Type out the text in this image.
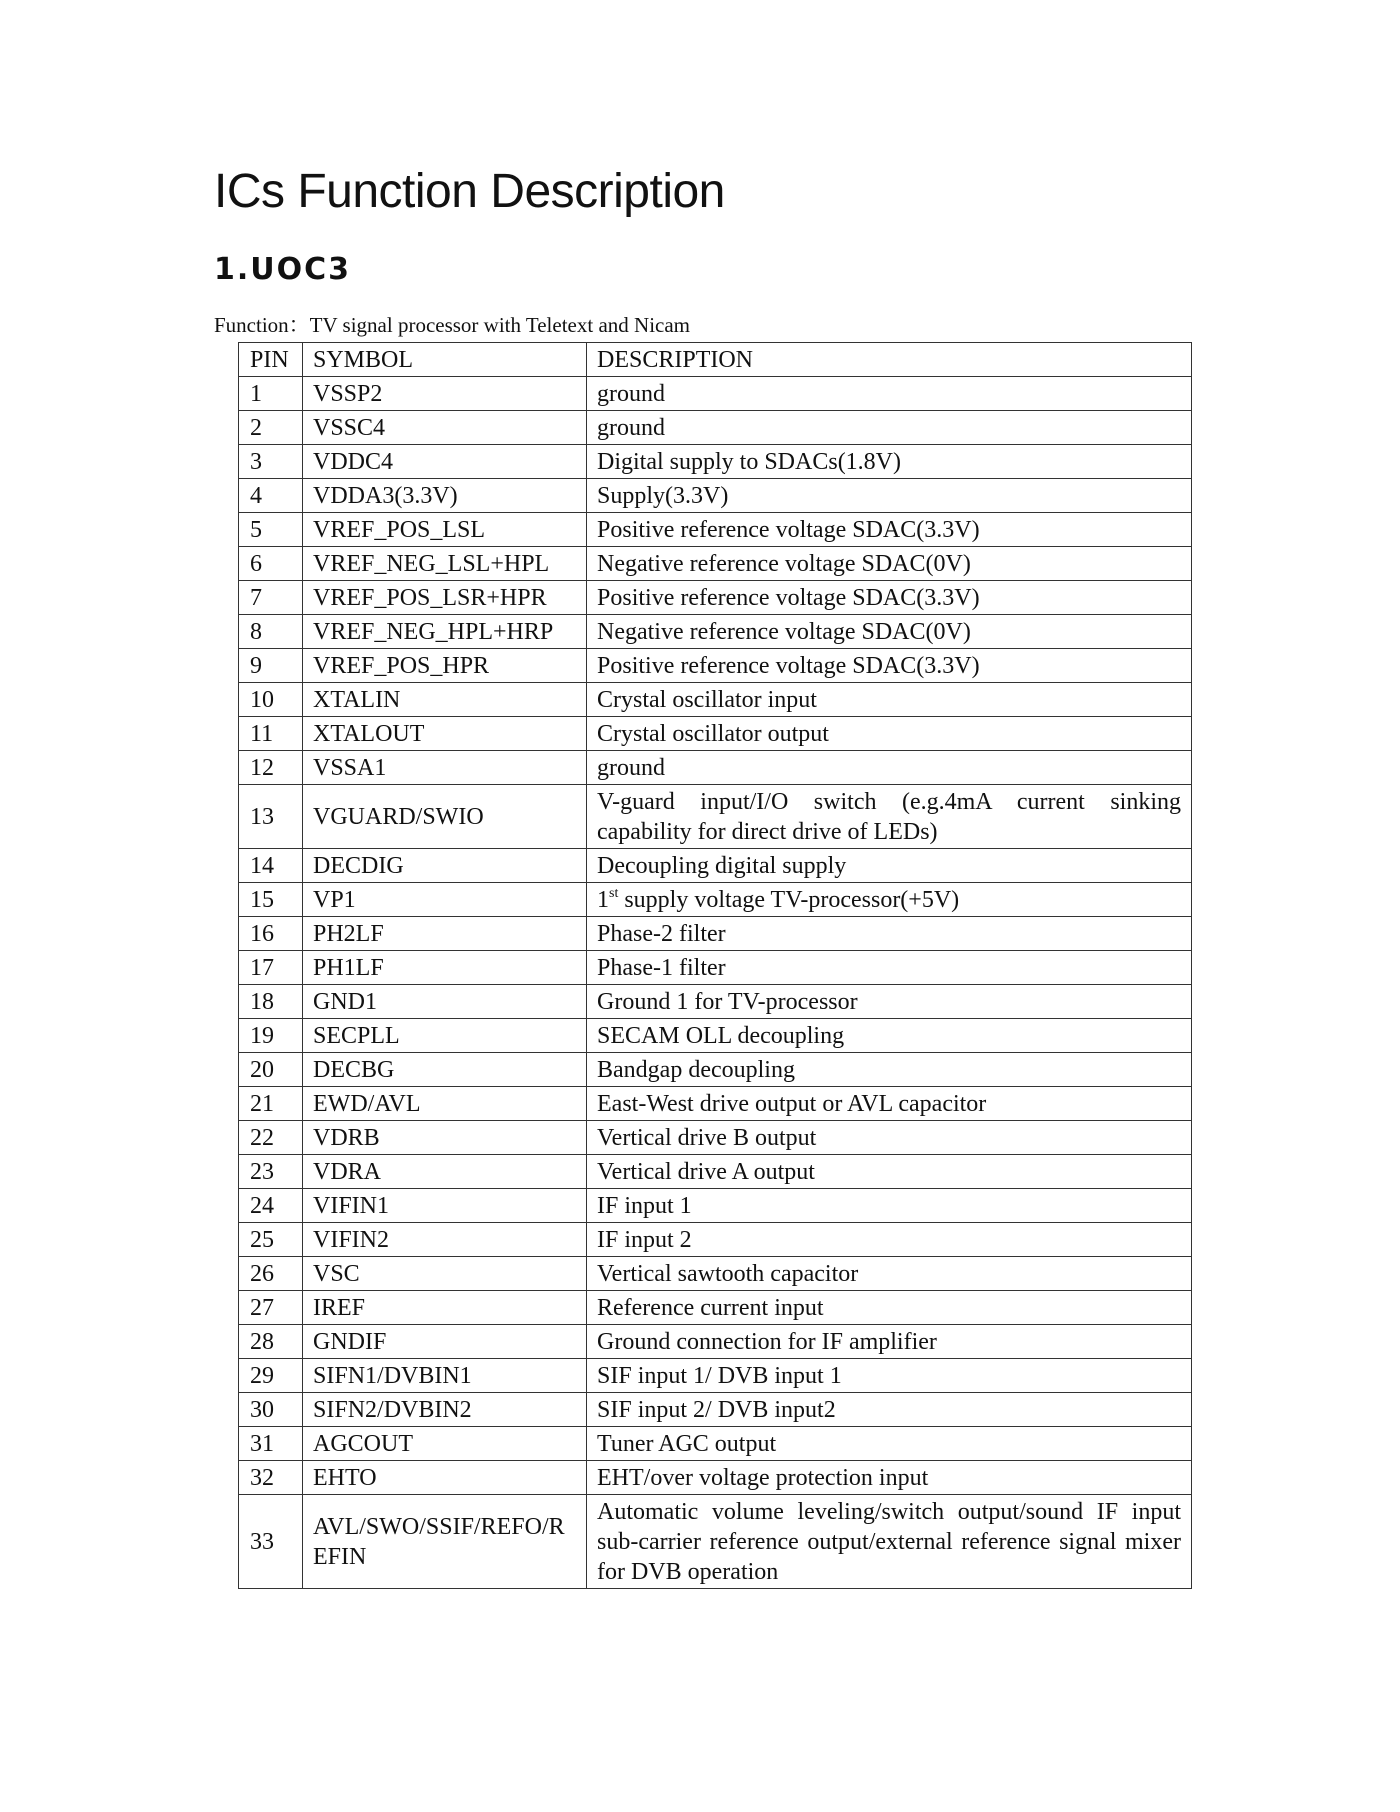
ICs Function Description
1.UOC3
Function：TV signal processor with Teletext and Nicam
PIN	SYMBOL	DESCRIPTION
1	VSSP2	ground
2	VSSC4	ground
3	VDDC4	Digital supply to SDACs(1.8V)
4	VDDA3(3.3V)	Supply(3.3V)
5	VREF_POS_LSL	Positive reference voltage SDAC(3.3V)
6	VREF_NEG_LSL+HPL	Negative reference voltage SDAC(0V)
7	VREF_POS_LSR+HPR	Positive reference voltage SDAC(3.3V)
8	VREF_NEG_HPL+HRP	Negative reference voltage SDAC(0V)
9	VREF_POS_HPR	Positive reference voltage SDAC(3.3V)
10	XTALIN	Crystal oscillator input
11	XTALOUT	Crystal oscillator output
12	VSSA1	ground
13	VGUARD/SWIO	V-guard input/I/O switch (e.g.4mA current sinking capability for direct drive of LEDs)
14	DECDIG	Decoupling digital supply
15	VP1	1st supply voltage TV-processor(+5V)
16	PH2LF	Phase-2 filter
17	PH1LF	Phase-1 filter
18	GND1	Ground 1 for TV-processor
19	SECPLL	SECAM OLL decoupling
20	DECBG	Bandgap decoupling
21	EWD/AVL	East-West drive output or AVL capacitor
22	VDRB	Vertical drive B output
23	VDRA	Vertical drive A output
24	VIFIN1	IF input 1
25	VIFIN2	IF input 2
26	VSC	Vertical sawtooth capacitor
27	IREF	Reference current input
28	GNDIF	Ground connection for IF amplifier
29	SIFN1/DVBIN1	SIF input 1/ DVB input 1
30	SIFN2/DVBIN2	SIF input 2/ DVB input2
31	AGCOUT	Tuner AGC output
32	EHTO	EHT/over voltage protection input
33	AVL/SWO/SSIF/REFO/REFIN	Automatic volume leveling/switch output/sound IF input sub-carrier reference output/external reference signal mixer for DVB operation
